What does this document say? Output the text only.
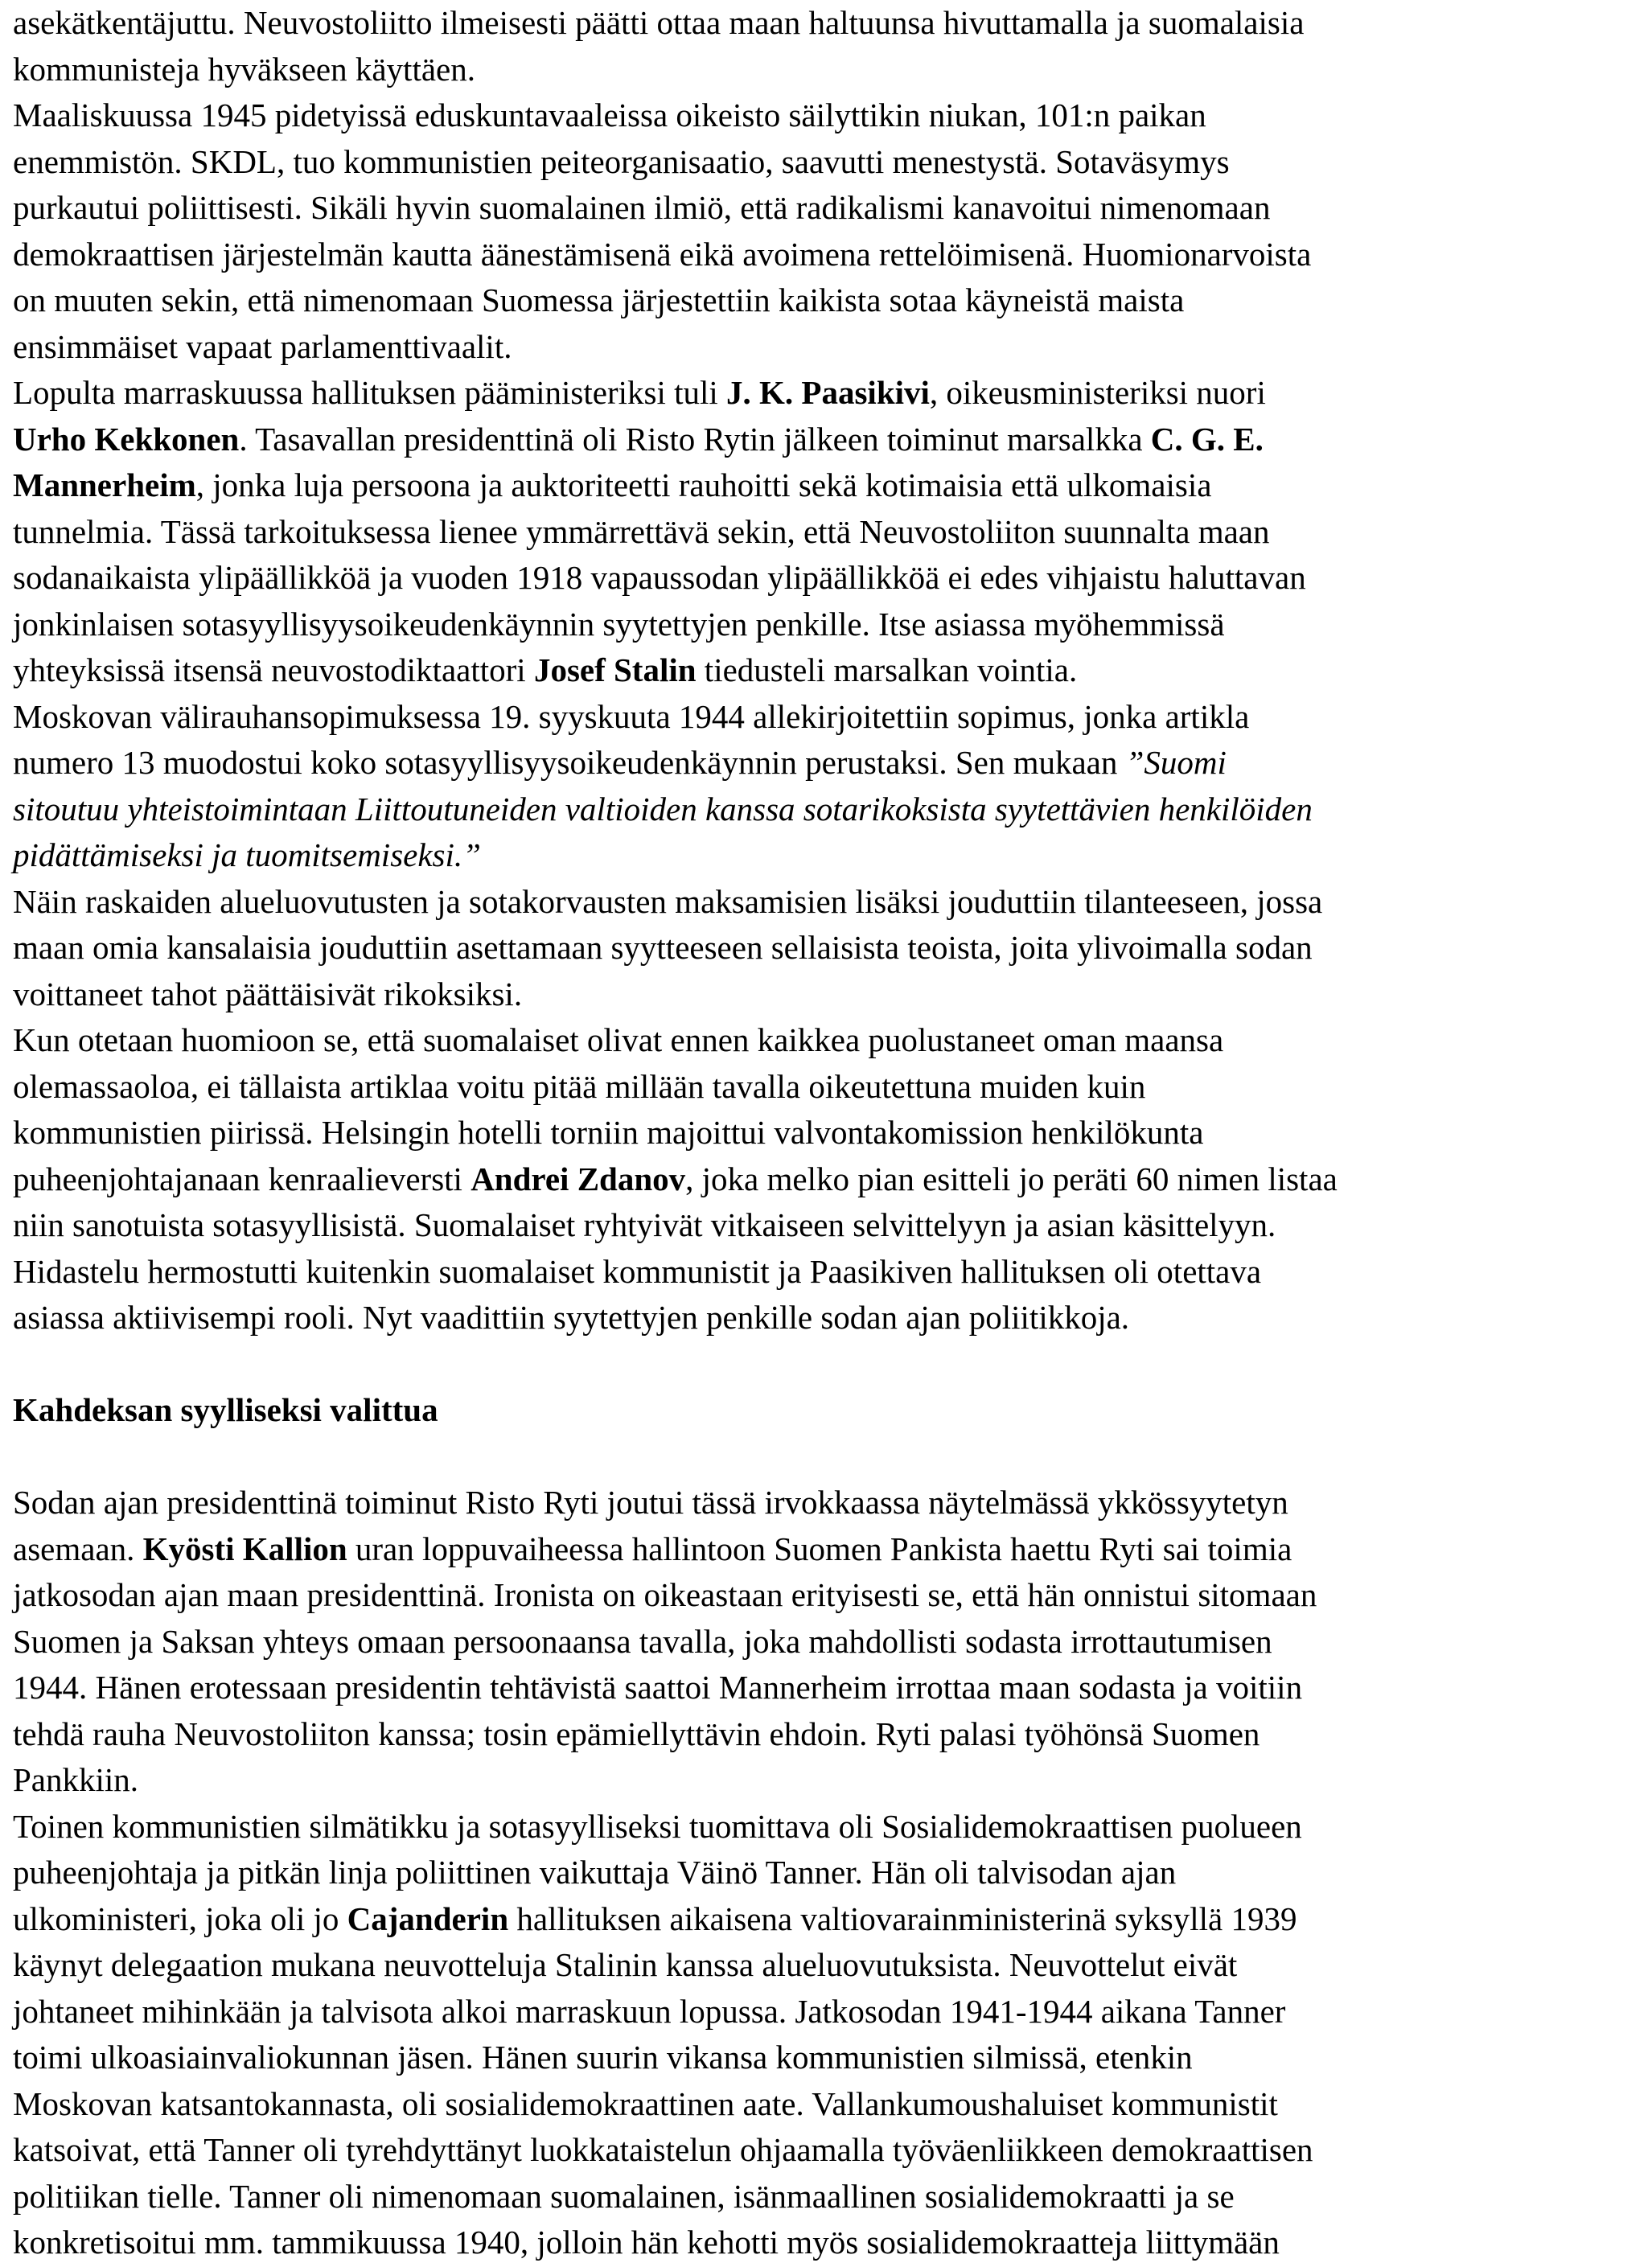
asekätkentäjuttu. Neuvostoliitto ilmeisesti päätti ottaa maan haltuunsa hivuttamalla ja suomalaisia
kommunisteja hyväkseen käyttäen.
Maaliskuussa 1945 pidetyissä eduskuntavaaleissa oikeisto säilyttikin niukan, 101:n paikan
enemmistön. SKDL, tuo kommunistien peiteorganisaatio, saavutti menestystä. Sotaväsymys
purkautui poliittisesti. Sikäli hyvin suomalainen ilmiö, että radikalismi kanavoitui nimenomaan
demokraattisen järjestelmän kautta äänestämisenä eikä avoimena rettelöimisenä. Huomionarvoista
on muuten sekin, että nimenomaan Suomessa järjestettiin kaikista sotaa käyneistä maista
ensimmäiset vapaat parlamenttivaalit.
Lopulta marraskuussa hallituksen pääministeriksi tuli J. K. Paasikivi, oikeusministeriksi nuori
Urho Kekkonen. Tasavallan presidenttinä oli Risto Rytin jälkeen toiminut marsalkka C. G. E.
Mannerheim, jonka luja persoona ja auktoriteetti rauhoitti sekä kotimaisia että ulkomaisia
tunnelmia. Tässä tarkoituksessa lienee ymmärrettävä sekin, että Neuvostoliiton suunnalta maan
sodanaikaista ylipäällikköä ja vuoden 1918 vapaussodan ylipäällikköä ei edes vihjaistu haluttavan
jonkinlaisen sotasyyllisyysoikeudenkäynnin syytettyjen penkille. Itse asiassa myöhemmissä
yhteyksissä itsensä neuvostodiktaattori Josef Stalin tiedusteli marsalkan vointia.
Moskovan välirauhansopimuksessa 19. syyskuuta 1944 allekirjoitettiin sopimus, jonka artikla
numero 13 muodostui koko sotasyyllisyysoikeudenkäynnin perustaksi. Sen mukaan ”Suomi
sitoutuu yhteistoimintaan Liittoutuneiden valtioiden kanssa sotarikoksista syytettävien henkilöiden
pidättämiseksi ja tuomitsemiseksi.”
Näin raskaiden alueluovutusten ja sotakorvausten maksamisien lisäksi jouduttiin tilanteeseen, jossa
maan omia kansalaisia jouduttiin asettamaan syytteeseen sellaisista teoista, joita ylivoimalla sodan
voittaneet tahot päättäisivät rikoksiksi.
Kun otetaan huomioon se, että suomalaiset olivat ennen kaikkea puolustaneet oman maansa
olemassaoloa, ei tällaista artiklaa voitu pitää millään tavalla oikeutettuna muiden kuin
kommunistien piirissä. Helsingin hotelli torniin majoittui valvontakomission henkilökunta
puheenjohtajanaan kenraalieversti Andrei Zdanov, joka melko pian esitteli jo peräti 60 nimen listaa
niin sanotuista sotasyyllisistä. Suomalaiset ryhtyivät vitkaiseen selvittelyyn ja asian käsittelyyn.
Hidastelu hermostutti kuitenkin suomalaiset kommunistit ja Paasikiven hallituksen oli otettava
asiassa aktiivisempi rooli. Nyt vaadittiin syytettyjen penkille sodan ajan poliitikkoja.
Kahdeksan syylliseksi valittua
Sodan ajan presidenttinä toiminut Risto Ryti joutui tässä irvokkaassa näytelmässä ykkössyytetyn
asemaan. Kyösti Kallion uran loppuvaiheessa hallintoon Suomen Pankista haettu Ryti sai toimia
jatkosodan ajan maan presidenttinä. Ironista on oikeastaan erityisesti se, että hän onnistui sitomaan
Suomen ja Saksan yhteys omaan persoonaansa tavalla, joka mahdollisti sodasta irrottautumisen
1944. Hänen erotessaan presidentin tehtävistä saattoi Mannerheim irrottaa maan sodasta ja voitiin
tehdä rauha Neuvostoliiton kanssa; tosin epämiellyttävin ehdoin. Ryti palasi työhönsä Suomen
Pankkiin.
Toinen kommunistien silmätikku ja sotasyylliseksi tuomittava oli Sosialidemokraattisen puolueen
puheenjohtaja ja pitkän linja poliittinen vaikuttaja Väinö Tanner. Hän oli talvisodan ajan
ulkoministeri, joka oli jo Cajanderin hallituksen aikaisena valtiovarainministerinä syksyllä 1939
käynyt delegaation mukana neuvotteluja Stalinin kanssa alueluovutuksista. Neuvottelut eivät
johtaneet mihinkään ja talvisota alkoi marraskuun lopussa. Jatkosodan 1941-1944 aikana Tanner
toimi ulkoasiainvaliokunnan jäsen. Hänen suurin vikansa kommunistien silmissä, etenkin
Moskovan katsantokannasta, oli sosialidemokraattinen aate. Vallankumoushaluiset kommunistit
katsoivat, että Tanner oli tyrehdyttänyt luokkataistelun ohjaamalla työväenliikkeen demokraattisen
politiikan tielle. Tanner oli nimenomaan suomalainen, isänmaallinen sosialidemokraatti ja se
konkretisoitui mm. tammikuussa 1940, jolloin hän kehotti myös sosialidemokraatteja liittymään
